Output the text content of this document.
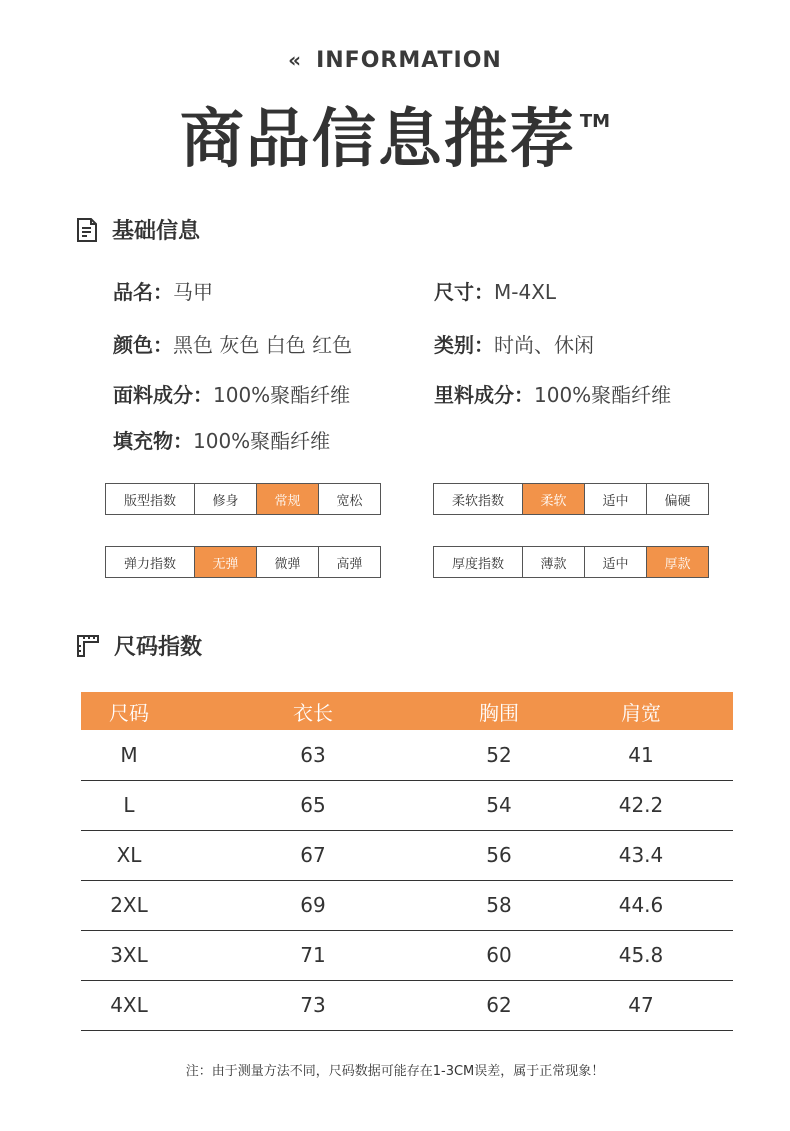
« INFORMATION
商品信息推荐 ™
基础信息
品名：马甲	尺寸：M-4XL
颜色：黑色 灰色 白色 红色	类别：时尚、休闲
面料成分：100%聚酯纤维	里料成分：100%聚酯纤维
填充物：100%聚酯纤维
版型指数	修身	常规	宽松	柔软指数	柔软	适中	偏硬
弹力指数	无弹	微弹	高弹	厚度指数	薄款	适中	厚款
尺码指数
尺码	衣长	胸围	肩宽
M	63	52	41
L	65	54	42.2
XL	67	56	43.4
2XL	69	58	44.6
3XL	71	60	45.8
4XL	73	62	47
注：由于测量方法不同，尺码数据可能存在1-3CM误差，属于正常现象！
